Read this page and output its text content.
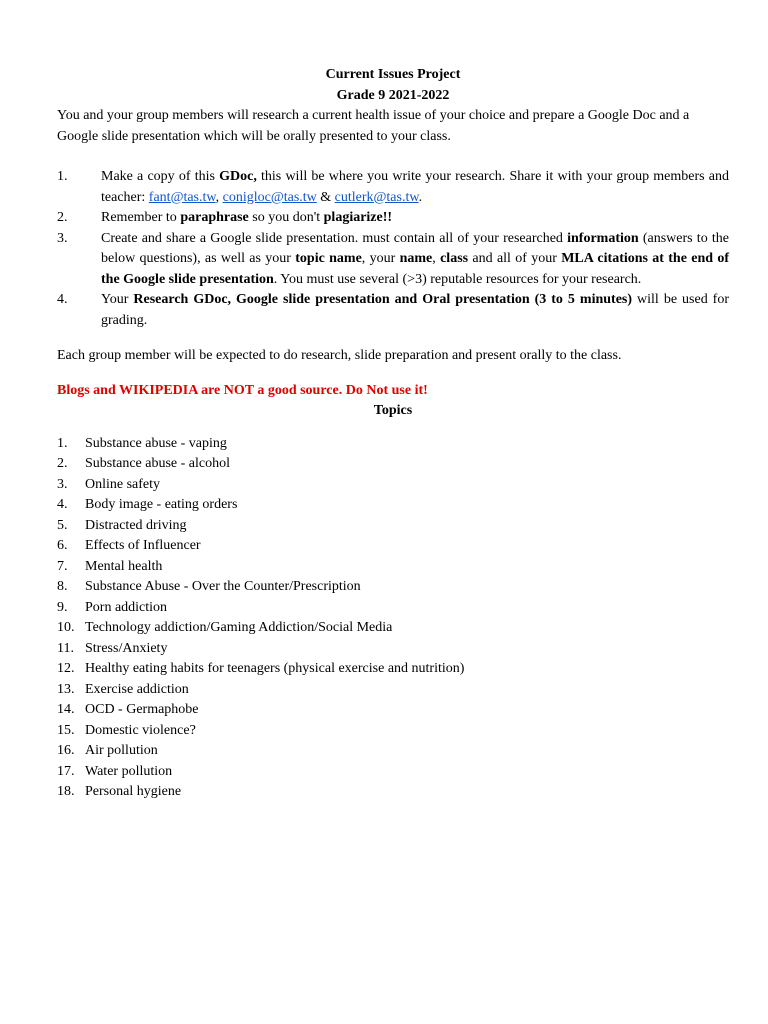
Current Issues Project
Grade 9 2021-2022

You and your group members will research a current health issue of your choice and prepare a Google Doc and a Google slide presentation which will be orally presented to your class.

1. Make a copy of this GDoc, this will be where you write your research. Share it with your group members and teacher: fant@tas.tw, conigloc@tas.tw & cutlerk@tas.tw.
2. Remember to paraphrase so you don't plagiarize!!
3. Create and share a Google slide presentation. must contain all of your researched information (answers to the below questions), as well as your topic name, your name, class and all of your MLA citations at the end of the Google slide presentation. You must use several (>3) reputable resources for your research.
4. Your Research GDoc, Google slide presentation and Oral presentation (3 to 5 minutes) will be used for grading.

Each group member will be expected to do research, slide preparation and present orally to the class.

Blogs and WIKIPEDIA are NOT a good source. Do Not use it!

Topics
1. Substance abuse - vaping
2. Substance abuse - alcohol
3. Online safety
4. Body image - eating orders
5. Distracted driving
6. Effects of Influencer
7. Mental health
8. Substance Abuse - Over the Counter/Prescription
9. Porn addiction
10. Technology addiction/Gaming Addiction/Social Media
11. Stress/Anxiety
12. Healthy eating habits for teenagers (physical exercise and nutrition)
13. Exercise addiction
14. OCD - Germaphobe
15. Domestic violence?
16. Air pollution
17. Water pollution
18. Personal hygiene
